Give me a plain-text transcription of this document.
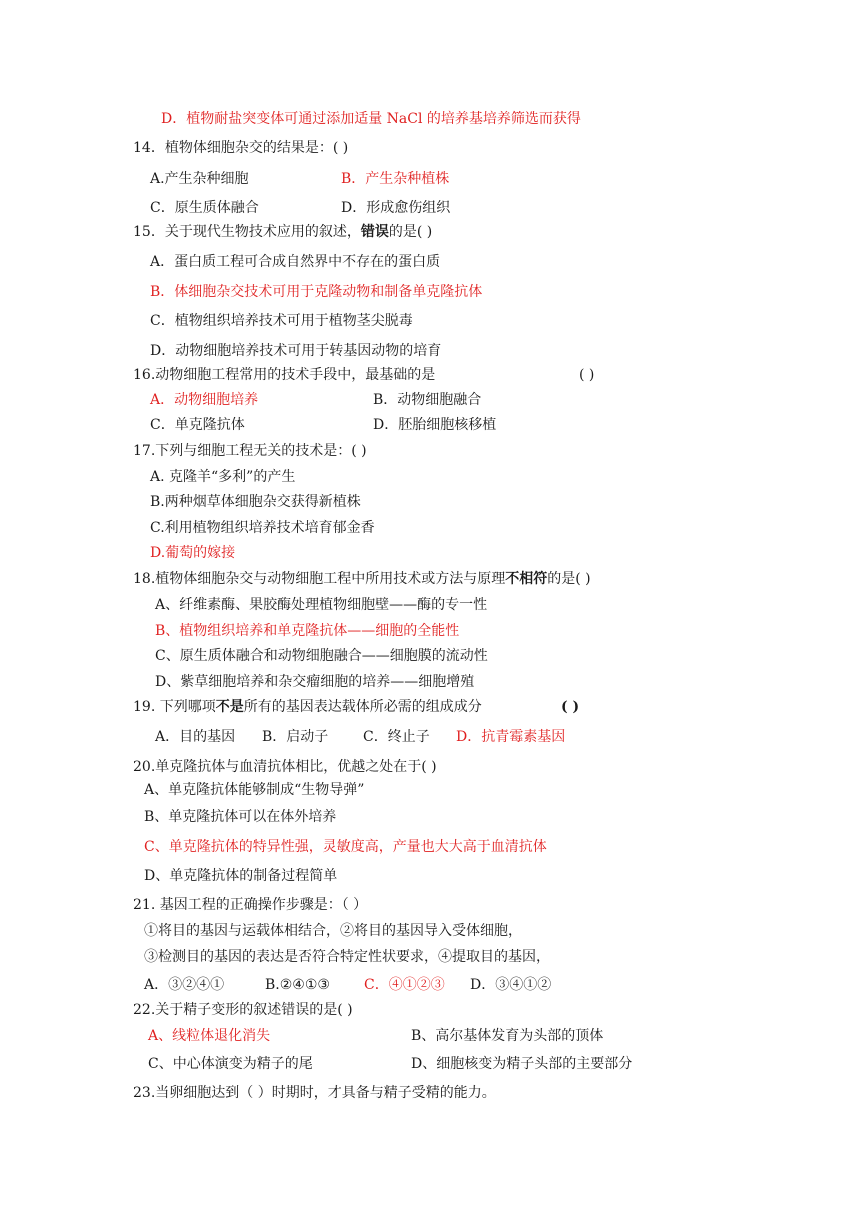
D．植物耐盐突变体可通过添加适量 NaCl 的培养基培养筛选而获得
14．植物体细胞杂交的结果是：( )
A.产生杂种细胞	B．产生杂种植株
C．原生质体融合	D．形成愈伤组织
15．关于现代生物技术应用的叙述，错误的是( )
A．蛋白质工程可合成自然界中不存在的蛋白质
B．体细胞杂交技术可用于克隆动物和制备单克隆抗体
C．植物组织培养技术可用于植物茎尖脱毒
D．动物细胞培养技术可用于转基因动物的培育
16.动物细胞工程常用的技术手段中，最基础的是	( )
A．动物细胞培养	B．动物细胞融合
C．单克隆抗体	D．胚胎细胞核移植
17.下列与细胞工程无关的技术是：( )
A. 克隆羊“多利”的产生
B.两种烟草体细胞杂交获得新植株
C.利用植物组织培养技术培育郁金香
D.葡萄的嫁接
18.植物体细胞杂交与动物细胞工程中所用技术或方法与原理不相符的是( )
A、纤维素酶、果胶酶处理植物细胞壁——酶的专一性
B、植物组织培养和单克隆抗体——细胞的全能性
C、原生质体融合和动物细胞融合——细胞膜的流动性
D、紫草细胞培养和杂交瘤细胞的培养——细胞增殖
19. 下列哪项不是所有的基因表达载体所必需的组成成分	( )
A．目的基因 B．启动子 C．终止子 D．抗青霉素基因
20.单克隆抗体与血清抗体相比，优越之处在于( )
A、单克隆抗体能够制成“生物导弹”
B、单克隆抗体可以在体外培养
C、单克隆抗体的特异性强，灵敏度高，产量也大大高于血清抗体
D、单克隆抗体的制备过程简单
21. 基因工程的正确操作步骤是：（ ）
①将目的基因与运载体相结合，②将目的基因导入受体细胞，
③检测目的基因的表达是否符合特定性状要求，④提取目的基因，
A．③②④①	B.②④①③ C．④①②③ D．③④①②
22.关于精子变形的叙述错误的是( )
A、线粒体退化消失	B、高尔基体发育为头部的顶体
C、中心体演变为精子的尾	D、细胞核变为精子头部的主要部分
23.当卵细胞达到（ ）时期时，才具备与精子受精的能力。
